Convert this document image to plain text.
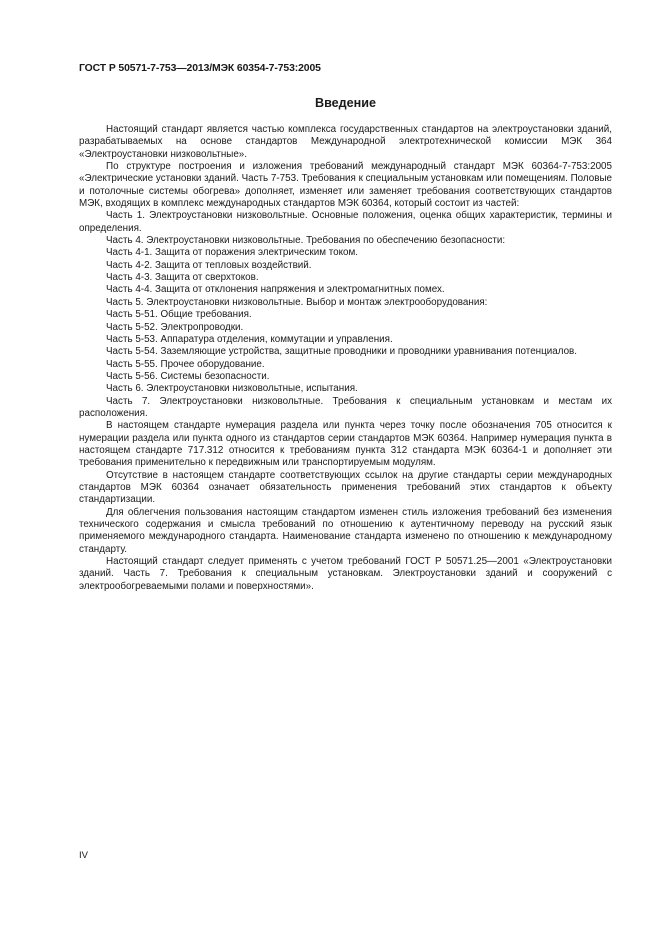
ГОСТ Р 50571-7-753—2013/МЭК 60354-7-753:2005
Введение

Настоящий стандарт является частью комплекса государственных стандартов на электроустановки зданий, разрабатываемых на основе стандартов Международной электротехнической комиссии МЭК 364 «Электроустановки низковольтные».

По структуре построения и изложения требований международный стандарт МЭК 60364-7-753:2005 «Электрические установки зданий. Часть 7-753. Требования к специальным установкам или помещениям. Половые и потолочные системы обогрева» дополняет, изменяет или заменяет требования соответствующих стандартов МЭК, входящих в комплекс международных стандартов МЭК 60364, который состоит из частей:

Часть 1. Электроустановки низковольтные. Основные положения, оценка общих характеристик, термины и определения.

Часть 4. Электроустановки низковольтные. Требования по обеспечению безопасности:

Часть 4-1. Защита от поражения электрическим током.

Часть 4-2. Защита от тепловых воздействий.

Часть 4-3. Защита от сверхтоков.

Часть 4-4. Защита от отклонения напряжения и электромагнитных помех.

Часть 5. Электроустановки низковольтные. Выбор и монтаж электрооборудования:

Часть 5-51. Общие требования.

Часть 5-52. Электропроводки.

Часть 5-53. Аппаратура отделения, коммутации и управления.

Часть 5-54. Заземляющие устройства, защитные проводники и проводники уравнивания потенциалов.

Часть 5-55. Прочее оборудование.

Часть 5-56. Системы безопасности.

Часть 6. Электроустановки низковольтные, испытания.

Часть 7. Электроустановки низковольтные. Требования к специальным установкам и местам их расположения.

В настоящем стандарте нумерация раздела или пункта через точку после обозначения 705 относится к нумерации раздела или пункта одного из стандартов серии стандартов МЭК 60364. Например нумерация пункта в настоящем стандарте 717.312 относится к требованиям пункта 312 стандарта МЭК 60364-1 и дополняет эти требования применительно к передвижным или транспортируемым модулям.

Отсутствие в настоящем стандарте соответствующих ссылок на другие стандарты серии международных стандартов МЭК 60364 означает обязательность применения требований этих стандартов к объекту стандартизации.

Для облегчения пользования настоящим стандартом изменен стиль изложения требований без изменения технического содержания и смысла требований по отношению к аутентичному переводу на русский язык применяемого международного стандарта. Наименование стандарта изменено по отношению к международному стандарту.

Настоящий стандарт следует применять с учетом требований ГОСТ Р 50571.25—2001 «Электроустановки зданий. Часть 7. Требования к специальным установкам. Электроустановки зданий и сооружений с электрообогреваемыми полами и поверхностями».

IV
